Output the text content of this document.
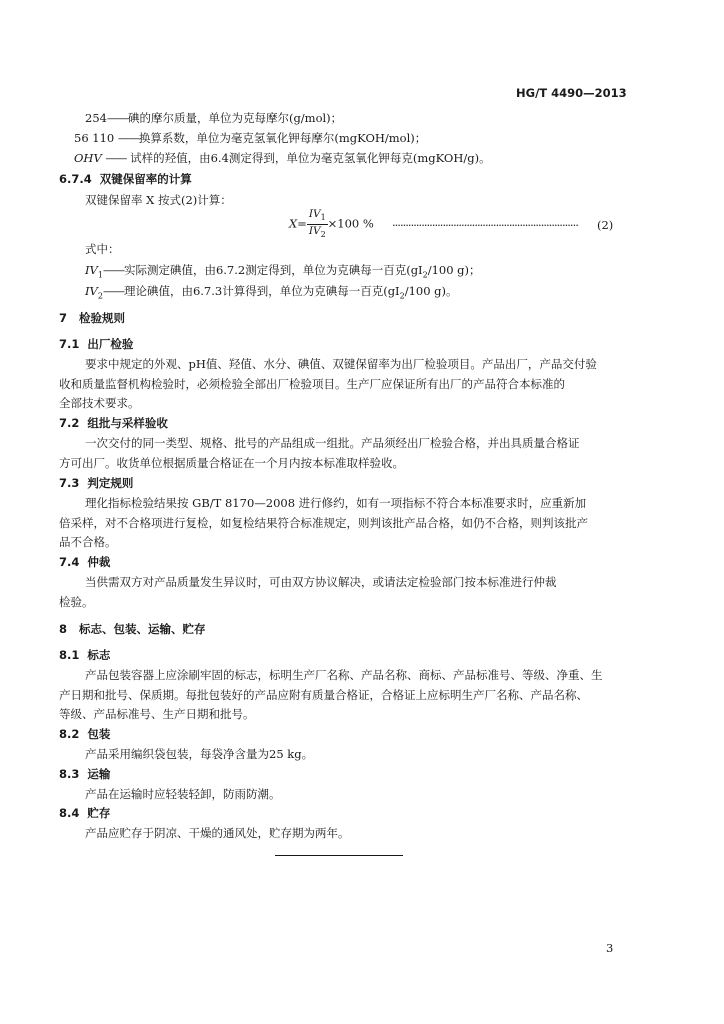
HG/T 4490—2013
254——碘的摩尔质量，单位为克每摩尔(g/mol)；
56 110 ——换算系数，单位为毫克氢氧化钾每摩尔(mgKOH/mol)；
OHV —— 试样的羟值，由6.4测定得到，单位为毫克氢氧化钾每克(mgKOH/g)。
6.7.4 双键保留率的计算
双键保留率 X 按式(2)计算：
$X= \frac{IV_1}{IV_2} \times 100$ % ······································································ (2)
式中：
$IV_1——$实际测定碘值，由6.7.2测定得到，单位为克碘每一百克($gI_2/100$ g)；
$IV_2——$理论碘值，由6.7.3计算得到，单位为克碘每一百克($gI_2/100$ g)。
7 检验规则
7.1 出厂检验
要求中规定的外观、pH值、羟值、水分、碘值、双键保留率为出厂检验项目。产品出厂，产品交付验
收和质量监督机构检验时，必须检验全部出厂检验项目。生产厂应保证所有出厂的产品符合本标准的
全部技术要求。
7.2 组批与采样验收
一次交付的同一类型、规格、批号的产品组成一组批。产品须经出厂检验合格，并出具质量合格证
方可出厂。收货单位根据质量合格证在一个月内按本标准取样验收。
7.3 判定规则
理化指标检验结果按 GB/T 8170—2008 进行修约，如有一项指标不符合本标准要求时，应重新加
倍采样，对不合格项进行复检，如复检结果符合标准规定，则判该批产品合格，如仍不合格，则判该批产
品不合格。
7.4 仲裁
当供需双方对产品质量发生异议时，可由双方协议解决，或请法定检验部门按本标准进行仲裁
检验。
8 标志、包装、运输、贮存
8.1 标志
产品包装容器上应涂刷牢固的标志，标明生产厂名称、产品名称、商标、产品标准号、等级、净重、生
产日期和批号、保质期。每批包装好的产品应附有质量合格证，合格证上应标明生产厂名称、产品名称、
等级、产品标准号、生产日期和批号。
8.2 包装
产品采用编织袋包装，每袋净含量为25 kg。
8.3 运输
产品在运输时应轻装轻卸，防雨防潮。
8.4 贮存
产品应贮存于阴凉、干燥的通风处，贮存期为两年。
3
